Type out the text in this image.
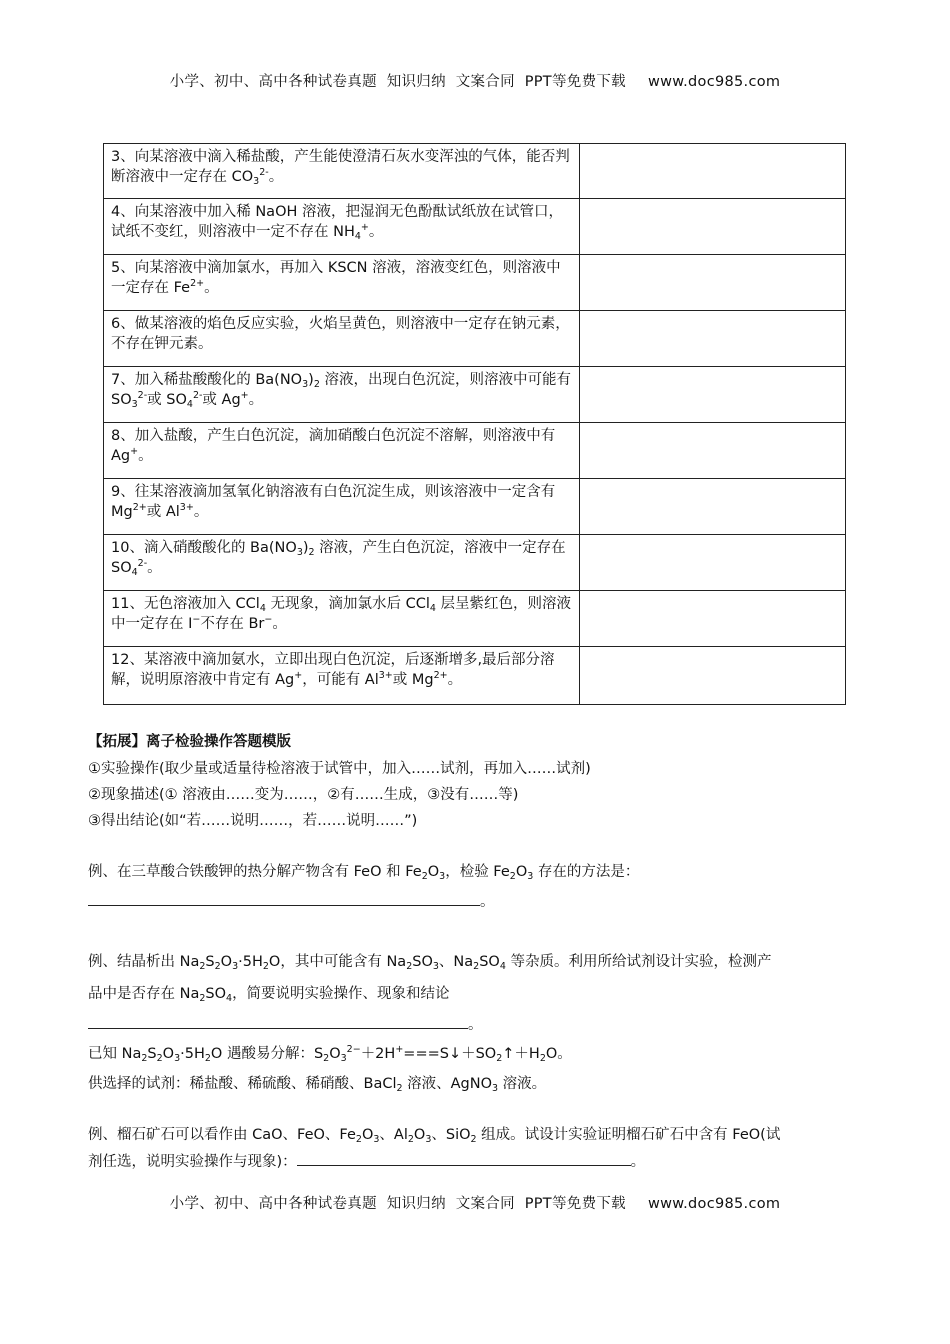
小学、初中、高中各种试卷真题  知识归纳  文案合同  PPT等免费下载 www.doc985.com
3、向某溶液中滴入稀盐酸，产生能使澄清石灰水变浑浊的气体，能否判断溶液中一定存在 $CO_3^{2-}$。	
4、向某溶液中加入稀 NaOH 溶液，把湿润无色酚酞试纸放在试管口，试纸不变红，则溶液中一定不存在 $NH_4^+$。	
5、向某溶液中滴加氯水，再加入 KSCN 溶液，溶液变红色，则溶液中一定存在 $Fe^{2+}$。	
6、做某溶液的焰色反应实验，火焰呈黄色，则溶液中一定存在钠元素，不存在钾元素。	
7、加入稀盐酸酸化的 $Ba(NO_3)_2$ 溶液，出现白色沉淀，则溶液中可能有 $SO_3^{2-}$或 $SO_4^{2-}$或 Ag+。	
8、加入盐酸，产生白色沉淀，滴加硝酸白色沉淀不溶解，则溶液中有 Ag+。	
9、往某溶液滴加氢氧化钠溶液有白色沉淀生成，则该溶液中一定含有 $Mg^{2+}$或 $Al^{3+}$。	
10、滴入硝酸酸化的 $Ba(NO_3)_2$ 溶液，产生白色沉淀，溶液中一定存在 $SO_4^{2-}$。	
11、无色溶液加入 CCl$_4$ 无现象，滴加氯水后 CCl$_4$ 层呈紫红色，则溶液中一定存在 I−不存在 Br−。	
12、某溶液中滴加氨水，立即出现白色沉淀，后逐渐增多,最后部分溶解，说明原溶液中肯定有 Ag+，可能有 $Al^{3+}$或 $Mg^{2+}$。	
【拓展】离子检验操作答题模版
①实验操作(取少量或适量待检溶液于试管中，加入……试剂，再加入……试剂)
②现象描述(① 溶液由……变为……，②有……生成，③没有……等)
③得出结论(如“若……说明……，若……说明……”)
例、在三草酸合铁酸钾的热分解产物含有 FeO 和 $Fe_2O_3$，检验 $Fe_2O_3$ 存在的方法是：
。
例、结晶析出 $Na_2S_2O_3\cdot 5H_2O$，其中可能含有 $Na_2SO_3$、$Na_2SO_4$ 等杂质。利用所给试剂设计实验，检测产
品中是否存在 $Na_2SO_4$，简要说明实验操作、现象和结论
。
已知 $Na_2S_2O_3\cdot 5H_2O$ 遇酸易分解：$S_2O_3^{2-}+2H^+===S↓+SO_2↑+H_2O$。
供选择的试剂：稀盐酸、稀硫酸、稀硝酸、BaCl$_2$ 溶液、AgNO$_3$ 溶液。
例、榴石矿石可以看作由 CaO、FeO、$Fe_2O_3$、$Al_2O_3$、SiO$_2$ 组成。试设计实验证明榴石矿石中含有 FeO(试
剂任选，说明实验操作与现象)：	。
小学、初中、高中各种试卷真题  知识归纳  文案合同  PPT等免费下载 www.doc985.com
